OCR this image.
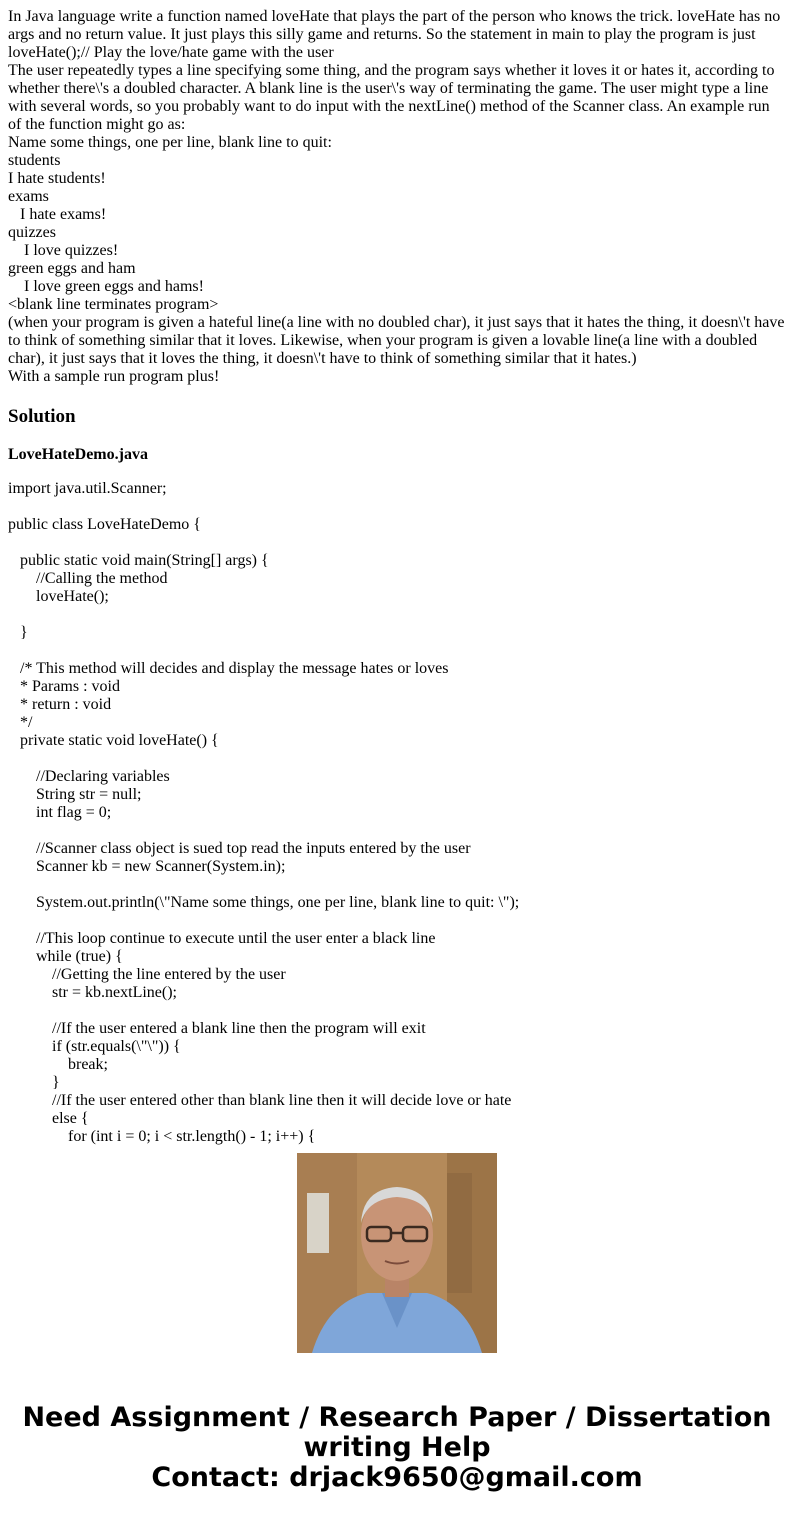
In Java language write a function named loveHate that plays the part of the person who knows the trick. loveHate has no args and no return value. It just plays this silly game and returns. So the statement in main to play the program is just loveHate();// Play the love/hate game with the user
The user repeatedly types a line specifying some thing, and the program says whether it loves it or hates it, according to whether there\'s a doubled character. A blank line is the user\'s way of terminating the game. The user might type a line with several words, so you probably want to do input with the nextLine() method of the Scanner class. An example run of the function might go as:
Name some things, one per line, blank line to quit:
students
I hate students!
exams
I hate exams!
quizzes
I love quizzes!
green eggs and ham
I love green eggs and hams!
<blank line terminates program>
(when your program is given a hateful line(a line with no doubled char), it just says that it hates the thing, it doesn\'t have to think of something similar that it loves. Likewise, when your program is given a lovable line(a line with a doubled char), it just says that it loves the thing, it doesn\'t have to think of something similar that it hates.)
With a sample run program plus!
Solution
LoveHateDemo.java
import java.util.Scanner;
public class LoveHateDemo {
public static void main(String[] args) {
//Calling the method
loveHate();
}
/* This method will decides and display the message hates or loves
* Params : void
* return : void
*/
private static void loveHate() {
//Declaring variables
String str = null;
int flag = 0;
//Scanner class object is sued top read the inputs entered by the user
Scanner kb = new Scanner(System.in);
System.out.println(\"Name some things, one per line, blank line to quit: \");
//This loop continue to execute until the user enter a black line
while (true) {
//Getting the line entered by the user
str = kb.nextLine();
//If the user entered a blank line then the program will exit
if (str.equals(\"\")) {
break;
}
//If the user entered other than blank line then it will decide love or hate
else {
for (int i = 0; i < str.length() - 1; i++) {
Need Assignment / Research Paper / Dissertation
writing Help
Contact: drjack9650@gmail.com
